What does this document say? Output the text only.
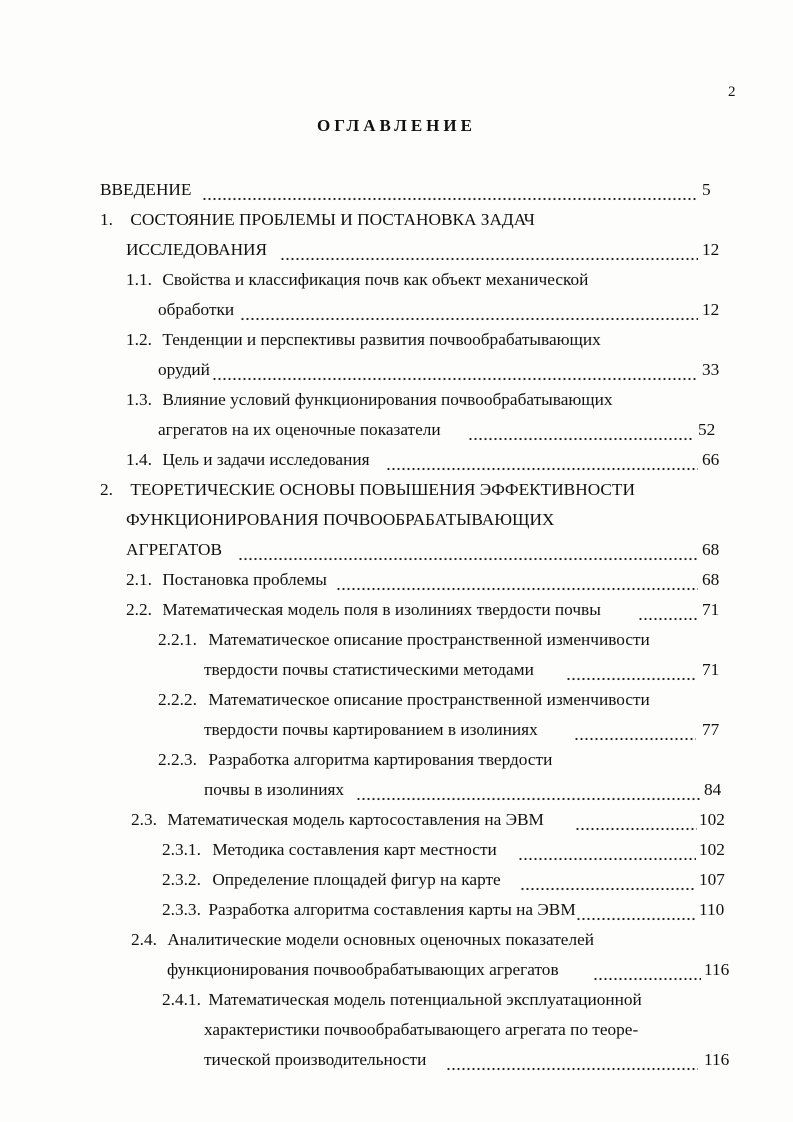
2
ОГЛАВЛЕНИЕ
ВВЕДЕНИЕ	5
1. СОСТОЯНИЕ ПРОБЛЕМЫ И ПОСТАНОВКА ЗАДАЧ
ИССЛЕДОВАНИЯ	12
1.1. Свойства и классификация почв как объект механической
обработки	12
1.2. Тенденции и перспективы развития почвообрабатывающих
орудий	33
1.3. Влияние условий функционирования почвообрабатывающих
агрегатов на их оценочные показатели	52
1.4. Цель и задачи исследования	66
2. ТЕОРЕТИЧЕСКИЕ ОСНОВЫ ПОВЫШЕНИЯ ЭФФЕКТИВНОСТИ
ФУНКЦИОНИРОВАНИЯ ПОЧВООБРАБАТЫВАЮЩИХ
АГРЕГАТОВ	68
2.1. Постановка проблемы	68
2.2. Математическая модель поля в изолиниях твердости почвы	71
2.2.1. Математическое описание пространственной изменчивости
твердости почвы статистическими методами	71
2.2.2. Математическое описание пространственной изменчивости
твердости почвы картированием в изолиниях	77
2.2.3. Разработка алгоритма картирования твердости
почвы в изолиниях	84
2.3. Математическая модель картосоставления на ЭВМ	102
2.3.1. Методика составления карт местности	102
2.3.2. Определение площадей фигур на карте	107
2.3.3. Разработка алгоритма составления карты на ЭВМ	110
2.4. Аналитические модели основных оценочных показателей
функционирования почвообрабатывающих агрегатов	116
2.4.1. Математическая модель потенциальной эксплуатационной
характеристики почвообрабатывающего агрегата по теоре-
тической производительности	116
